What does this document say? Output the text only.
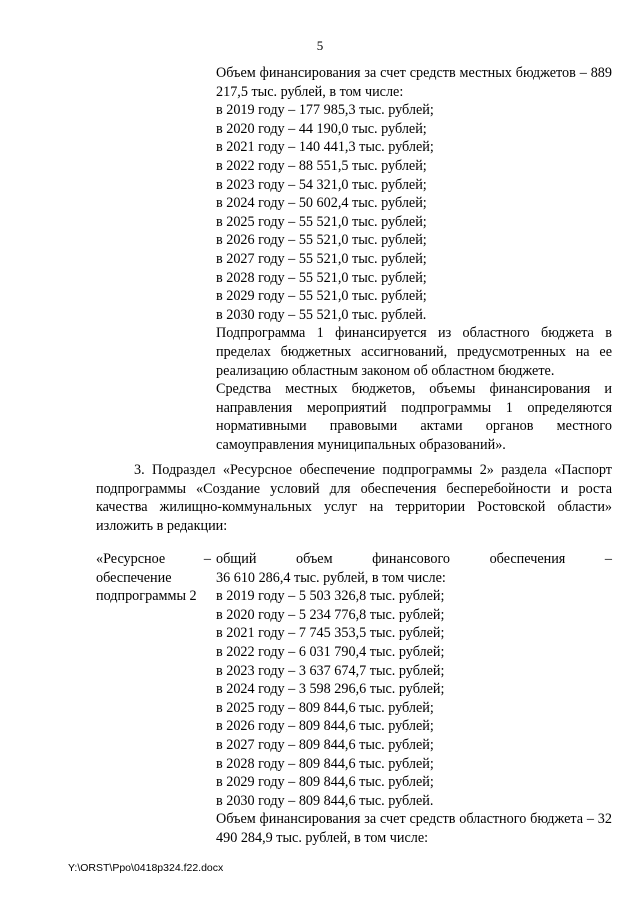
5
Объем финансирования за счет средств местных бюджетов – 889 217,5 тыс. рублей, в том числе:
в 2019 году – 177 985,3 тыс. рублей;
в 2020 году – 44 190,0 тыс. рублей;
в 2021 году – 140 441,3 тыс. рублей;
в 2022 году – 88 551,5 тыс. рублей;
в 2023 году – 54 321,0 тыс. рублей;
в 2024 году – 50 602,4 тыс. рублей;
в 2025 году – 55 521,0 тыс. рублей;
в 2026 году – 55 521,0 тыс. рублей;
в 2027 году – 55 521,0 тыс. рублей;
в 2028 году – 55 521,0 тыс. рублей;
в 2029 году – 55 521,0 тыс. рублей;
в 2030 году – 55 521,0 тыс. рублей.
Подпрограмма 1 финансируется из областного бюджета в пределах бюджетных ассигнований, предусмотренных на ее реализацию областным законом об областном бюджете.
Средства местных бюджетов, объемы финансирования и направления мероприятий подпрограммы 1 определяются нормативными правовыми актами органов местного самоуправления муниципальных образований».
3. Подраздел «Ресурсное обеспечение подпрограммы 2» раздела «Паспорт подпрограммы «Создание условий для обеспечения бесперебойности и роста качества жилищно-коммунальных услуг на территории Ростовской области» изложить в редакции:
«Ресурсное	–
обеспечение
подпрограммы 2
общий объем финансового обеспечения –
36 610 286,4 тыс. рублей, в том числе:
в 2019 году – 5 503 326,8 тыс. рублей;
в 2020 году – 5 234 776,8 тыс. рублей;
в 2021 году – 7 745 353,5 тыс. рублей;
в 2022 году – 6 031 790,4 тыс. рублей;
в 2023 году – 3 637 674,7 тыс. рублей;
в 2024 году – 3 598 296,6 тыс. рублей;
в 2025 году – 809 844,6 тыс. рублей;
в 2026 году – 809 844,6 тыс. рублей;
в 2027 году – 809 844,6 тыс. рублей;
в 2028 году – 809 844,6 тыс. рублей;
в 2029 году – 809 844,6 тыс. рублей;
в 2030 году – 809 844,6 тыс. рублей.
Объем финансирования за счет средств областного бюджета – 32 490 284,9 тыс. рублей, в том числе:
Y:\ORST\Ppo\0418p324.f22.docx
